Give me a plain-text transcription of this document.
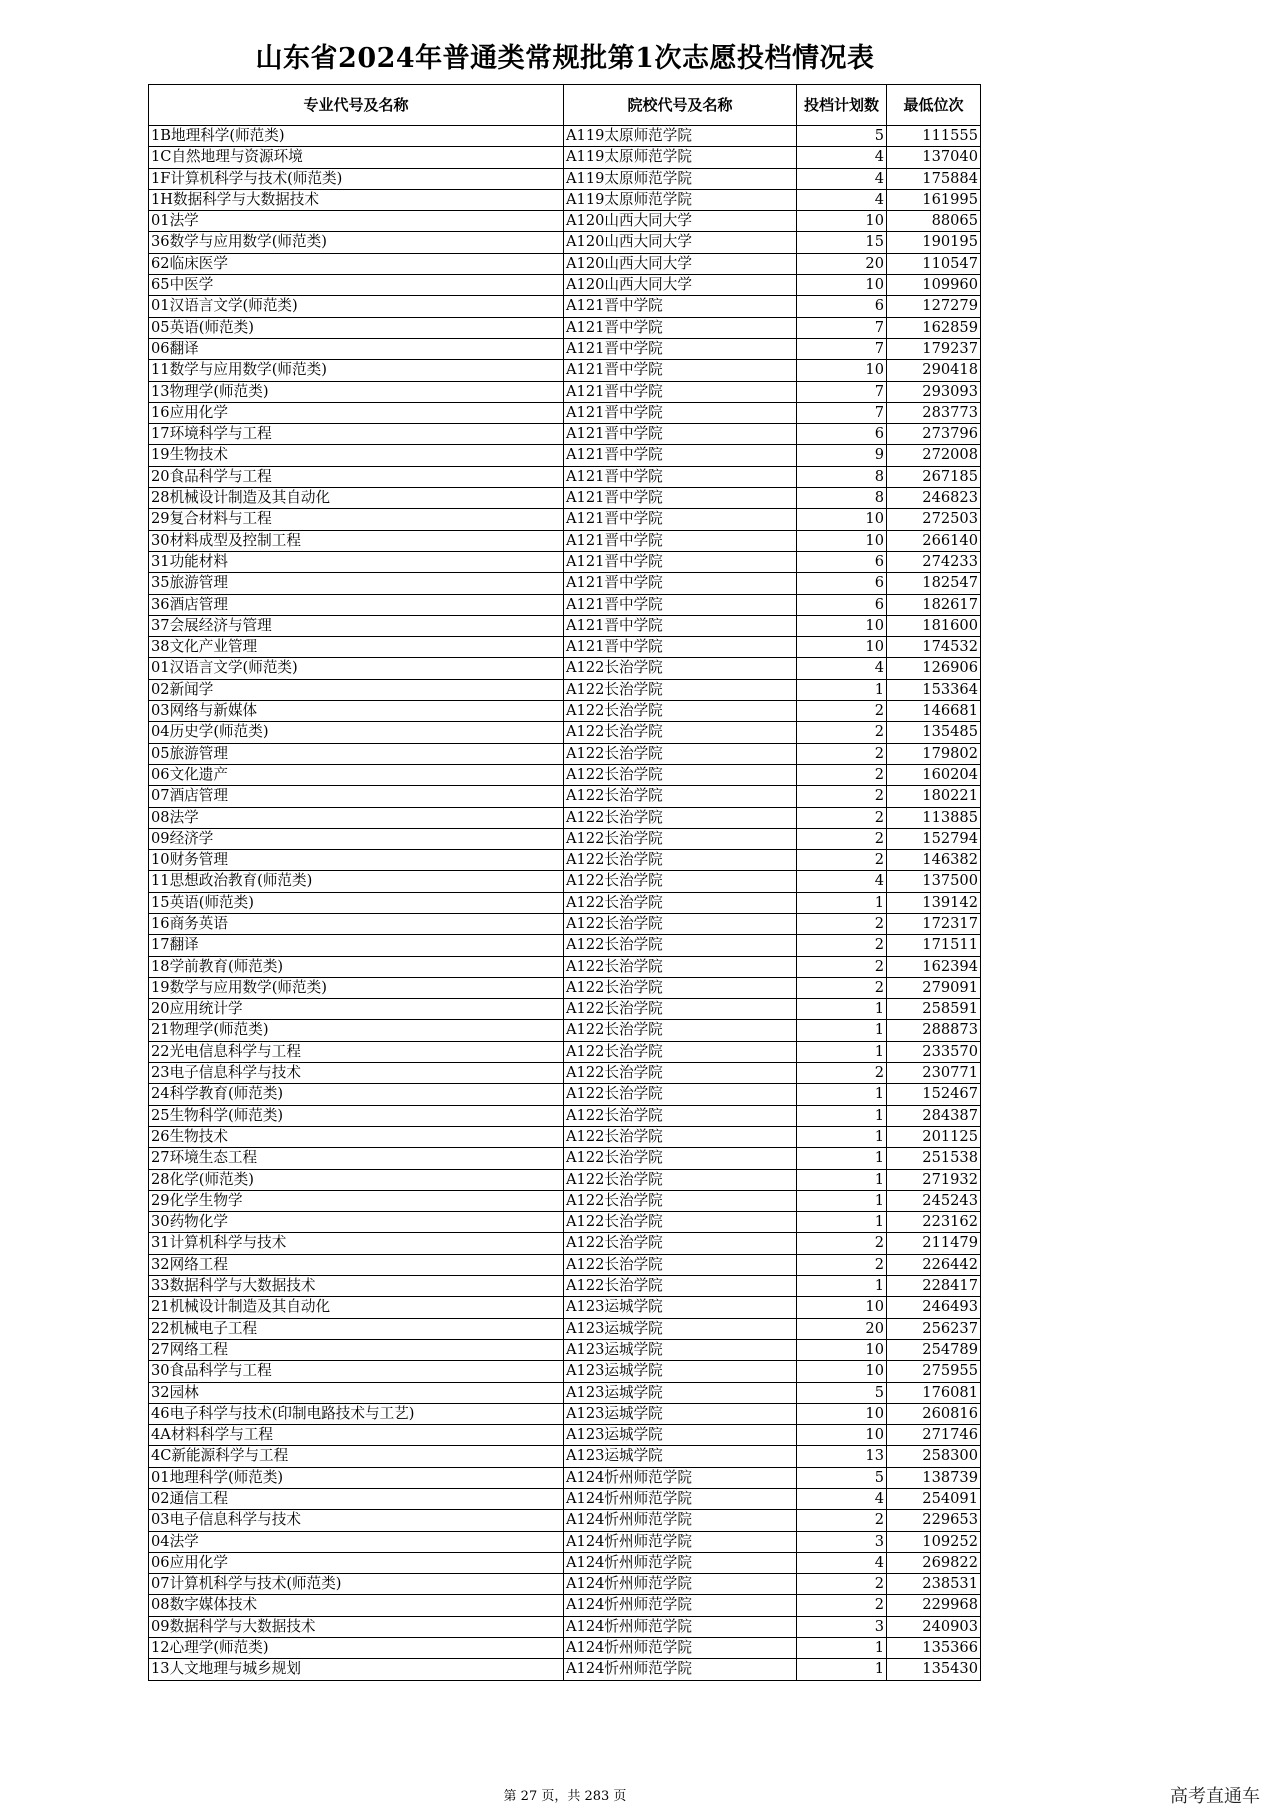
山东省2024年普通类常规批第1次志愿投档情况表
专业代号及名称	院校代号及名称	投档计划数	最低位次
1B地理科学(师范类)	A119太原师范学院	5	111555
1C自然地理与资源环境	A119太原师范学院	4	137040
1F计算机科学与技术(师范类)	A119太原师范学院	4	175884
1H数据科学与大数据技术	A119太原师范学院	4	161995
01法学	A120山西大同大学	10	88065
36数学与应用数学(师范类)	A120山西大同大学	15	190195
62临床医学	A120山西大同大学	20	110547
65中医学	A120山西大同大学	10	109960
01汉语言文学(师范类)	A121晋中学院	6	127279
05英语(师范类)	A121晋中学院	7	162859
06翻译	A121晋中学院	7	179237
11数学与应用数学(师范类)	A121晋中学院	10	290418
13物理学(师范类)	A121晋中学院	7	293093
16应用化学	A121晋中学院	7	283773
17环境科学与工程	A121晋中学院	6	273796
19生物技术	A121晋中学院	9	272008
20食品科学与工程	A121晋中学院	8	267185
28机械设计制造及其自动化	A121晋中学院	8	246823
29复合材料与工程	A121晋中学院	10	272503
30材料成型及控制工程	A121晋中学院	10	266140
31功能材料	A121晋中学院	6	274233
35旅游管理	A121晋中学院	6	182547
36酒店管理	A121晋中学院	6	182617
37会展经济与管理	A121晋中学院	10	181600
38文化产业管理	A121晋中学院	10	174532
01汉语言文学(师范类)	A122长治学院	4	126906
02新闻学	A122长治学院	1	153364
03网络与新媒体	A122长治学院	2	146681
04历史学(师范类)	A122长治学院	2	135485
05旅游管理	A122长治学院	2	179802
06文化遗产	A122长治学院	2	160204
07酒店管理	A122长治学院	2	180221
08法学	A122长治学院	2	113885
09经济学	A122长治学院	2	152794
10财务管理	A122长治学院	2	146382
11思想政治教育(师范类)	A122长治学院	4	137500
15英语(师范类)	A122长治学院	1	139142
16商务英语	A122长治学院	2	172317
17翻译	A122长治学院	2	171511
18学前教育(师范类)	A122长治学院	2	162394
19数学与应用数学(师范类)	A122长治学院	2	279091
20应用统计学	A122长治学院	1	258591
21物理学(师范类)	A122长治学院	1	288873
22光电信息科学与工程	A122长治学院	1	233570
23电子信息科学与技术	A122长治学院	2	230771
24科学教育(师范类)	A122长治学院	1	152467
25生物科学(师范类)	A122长治学院	1	284387
26生物技术	A122长治学院	1	201125
27环境生态工程	A122长治学院	1	251538
28化学(师范类)	A122长治学院	1	271932
29化学生物学	A122长治学院	1	245243
30药物化学	A122长治学院	1	223162
31计算机科学与技术	A122长治学院	2	211479
32网络工程	A122长治学院	2	226442
33数据科学与大数据技术	A122长治学院	1	228417
21机械设计制造及其自动化	A123运城学院	10	246493
22机械电子工程	A123运城学院	20	256237
27网络工程	A123运城学院	10	254789
30食品科学与工程	A123运城学院	10	275955
32园林	A123运城学院	5	176081
46电子科学与技术(印制电路技术与工艺)	A123运城学院	10	260816
4A材料科学与工程	A123运城学院	10	271746
4C新能源科学与工程	A123运城学院	13	258300
01地理科学(师范类)	A124忻州师范学院	5	138739
02通信工程	A124忻州师范学院	4	254091
03电子信息科学与技术	A124忻州师范学院	2	229653
04法学	A124忻州师范学院	3	109252
06应用化学	A124忻州师范学院	4	269822
07计算机科学与技术(师范类)	A124忻州师范学院	2	238531
08数字媒体技术	A124忻州师范学院	2	229968
09数据科学与大数据技术	A124忻州师范学院	3	240903
12心理学(师范类)	A124忻州师范学院	1	135366
13人文地理与城乡规划	A124忻州师范学院	1	135430
第 27 页，共 283 页	高考直通车
